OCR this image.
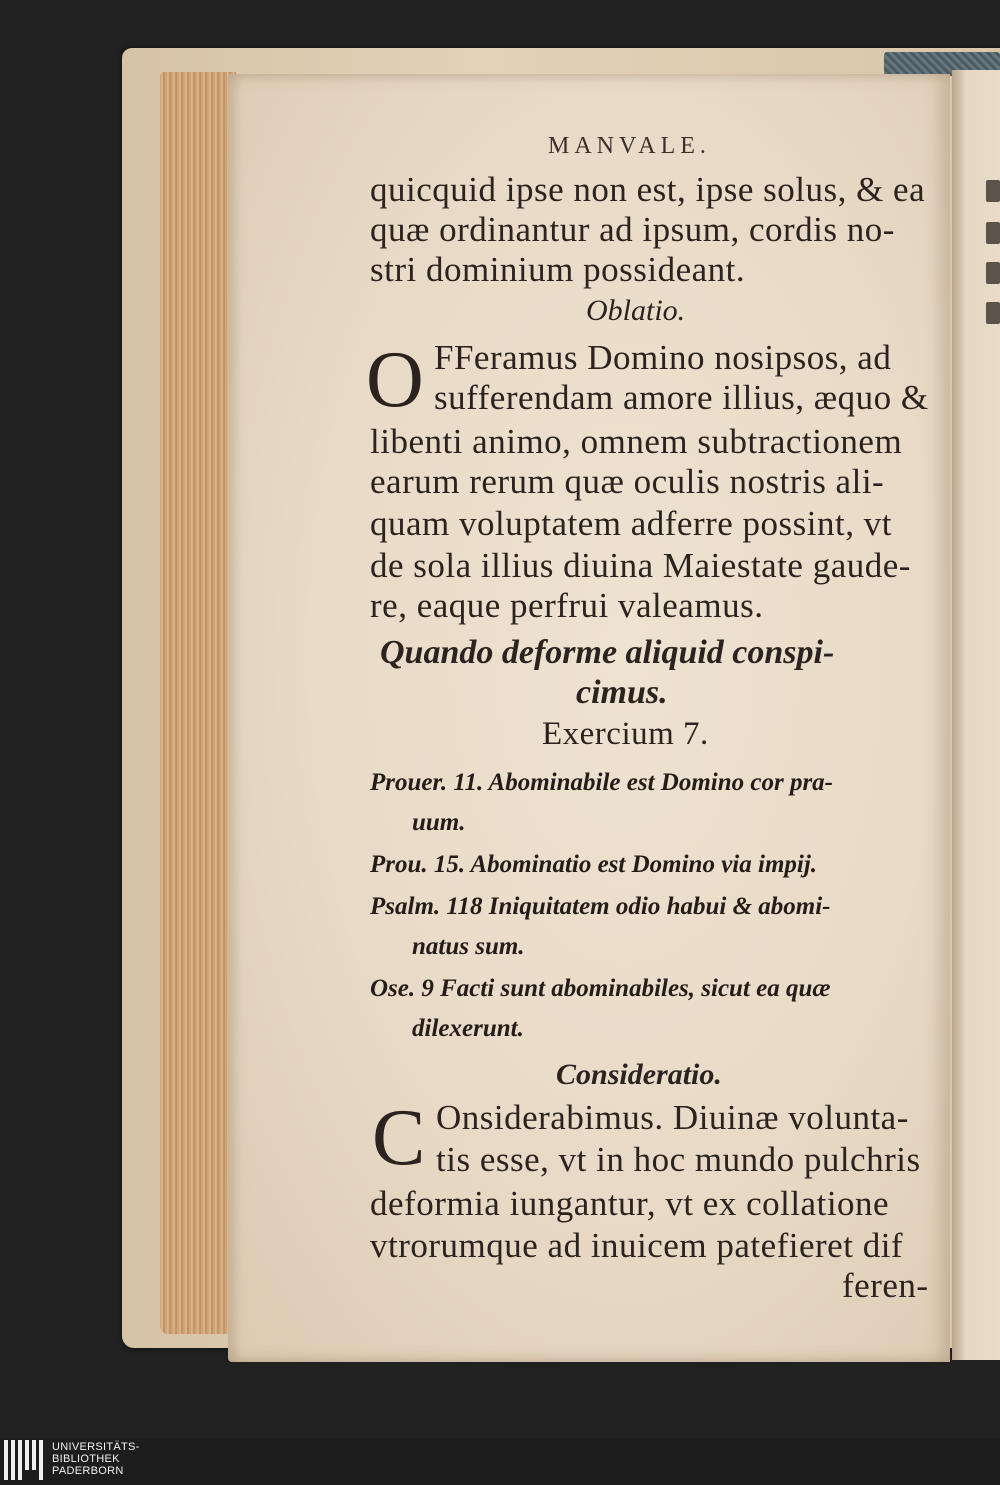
MANVALE.
quicquid ipse non est, ipse solus, & ea
quæ ordinantur ad ipsum, cordis no-
stri dominium possideant.
Oblatio.
O FFeramus Domino nosipsos, ad
sufferendam amore illius, æquo &
libenti animo, omnem subtractionem
earum rerum quæ oculis nostris ali-
quam voluptatem adferre possint, vt
de sola illius diuina Maiestate gaude-
re, eaque perfrui valeamus.
Quando deforme aliquid conspi-
cimus.
Exercium 7.
Prouer. 11. Abominabile est Domino cor pra-
uum.
Prou. 15. Abominatio est Domino via impij.
Psalm. 118 Iniquitatem odio habui & abomi-
natus sum.
Ose. 9 Facti sunt abominabiles, sicut ea quæ
dilexerunt.
Consideratio.
C Onsiderabimus. Diuinæ volunta-
tis esse, vt in hoc mundo pulchris
deformia iungantur, vt ex collatione
vtrorumque ad inuicem patefieret dif
feren-
UNIVERSITÄTS-
BIBLIOTHEK
PADERBORN
